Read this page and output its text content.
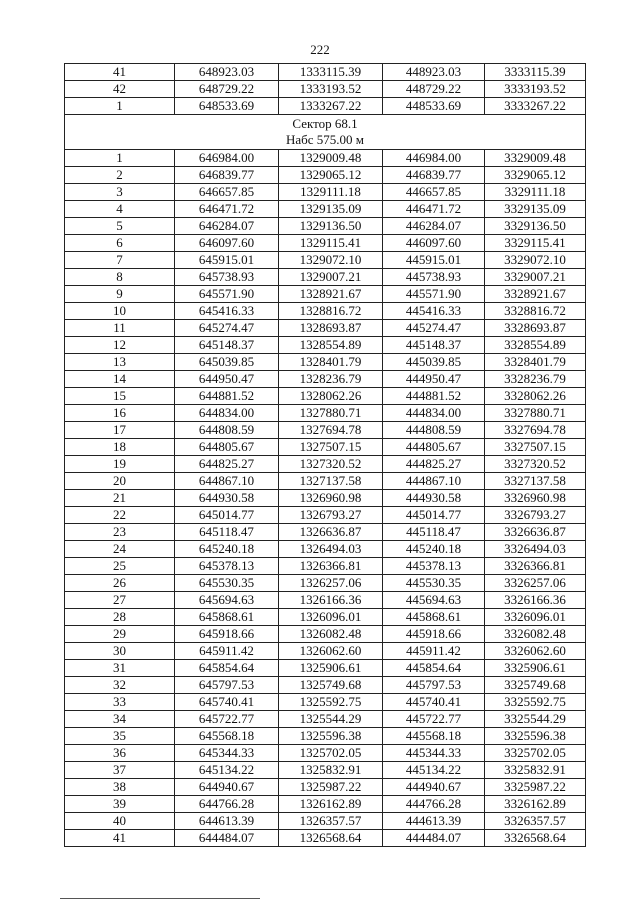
222
41	648923.03	1333115.39	448923.03	3333115.39
42	648729.22	1333193.52	448729.22	3333193.52
1	648533.69	1333267.22	448533.69	3333267.22

Сектор 68.1
Набс 575.00 м				

1	646984.00	1329009.48	446984.00	3329009.48
2	646839.77	1329065.12	446839.77	3329065.12
3	646657.85	1329111.18	446657.85	3329111.18
4	646471.72	1329135.09	446471.72	3329135.09
5	646284.07	1329136.50	446284.07	3329136.50
6	646097.60	1329115.41	446097.60	3329115.41
7	645915.01	1329072.10	445915.01	3329072.10
8	645738.93	1329007.21	445738.93	3329007.21
9	645571.90	1328921.67	445571.90	3328921.67
10	645416.33	1328816.72	445416.33	3328816.72
11	645274.47	1328693.87	445274.47	3328693.87
12	645148.37	1328554.89	445148.37	3328554.89
13	645039.85	1328401.79	445039.85	3328401.79
14	644950.47	1328236.79	444950.47	3328236.79
15	644881.52	1328062.26	444881.52	3328062.26
16	644834.00	1327880.71	444834.00	3327880.71
17	644808.59	1327694.78	444808.59	3327694.78
18	644805.67	1327507.15	444805.67	3327507.15
19	644825.27	1327320.52	444825.27	3327320.52
20	644867.10	1327137.58	444867.10	3327137.58
21	644930.58	1326960.98	444930.58	3326960.98
22	645014.77	1326793.27	445014.77	3326793.27
23	645118.47	1326636.87	445118.47	3326636.87
24	645240.18	1326494.03	445240.18	3326494.03
25	645378.13	1326366.81	445378.13	3326366.81
26	645530.35	1326257.06	445530.35	3326257.06
27	645694.63	1326166.36	445694.63	3326166.36
28	645868.61	1326096.01	445868.61	3326096.01
29	645918.66	1326082.48	445918.66	3326082.48
30	645911.42	1326062.60	445911.42	3326062.60
31	645854.64	1325906.61	445854.64	3325906.61
32	645797.53	1325749.68	445797.53	3325749.68
33	645740.41	1325592.75	445740.41	3325592.75
34	645722.77	1325544.29	445722.77	3325544.29
35	645568.18	1325596.38	445568.18	3325596.38
36	645344.33	1325702.05	445344.33	3325702.05
37	645134.22	1325832.91	445134.22	3325832.91
38	644940.67	1325987.22	444940.67	3325987.22
39	644766.28	1326162.89	444766.28	3326162.89
40	644613.39	1326357.57	444613.39	3326357.57
41	644484.07	1326568.64	444484.07	3326568.64
